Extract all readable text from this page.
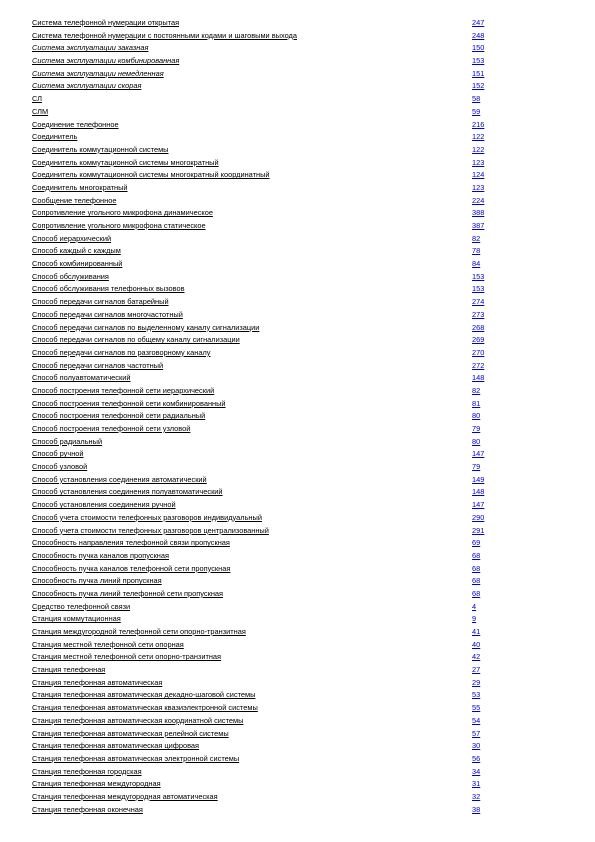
Система телефонной нумерации открытая	247
Система телефонной нумерации с постоянными кодами и шаговыми выхода	248
Система эксплуатации заказная	150
Система эксплуатации комбинированная	153
Система эксплуатации немедленная	151
Система эксплуатации скорая	152
СЛ	58
СЛМ	59
Соединение телефонное	216
Соединитель	122
Соединитель коммутационной системы	122
Соединитель коммутационной системы многократный	123
Соединитель коммутационной системы многократный координатный	124
Соединитель многократный	123
Сообщение телефонное	224
Сопротивление угольного микрофона динамическое	388
Сопротивление угольного микрофона статическое	387
Способ иерархический	82
Способ каждый с каждым	78
Способ комбинированный	84
Способ обслуживания	153
Способ обслуживания телефонных вызовов	153
Способ передачи сигналов батарейный	274
Способ передачи сигналов многочастотный	273
Способ передачи сигналов по выделенному каналу сигнализации	268
Способ передачи сигналов по общему каналу сигнализации	269
Способ передачи сигналов по разговорному каналу	270
Способ передачи сигналов частотный	272
Способ полуавтоматический	148
Способ построения телефонной сети иерархический	82
Способ построения телефонной сети комбинированный	81
Способ построения телефонной сети радиальный	80
Способ построения телефонной сети узловой	79
Способ радиальный	80
Способ ручной	147
Способ узловой	79
Способ установления соединения автоматический	149
Способ установления соединения полуавтоматический	148
Способ установления соединения ручной	147
Способ учета стоимости телефонных разговоров индивидуальный	290
Способ учета стоимости телефонных разговоров централизованный	291
Способность направления телефонной связи пропускная	69
Способность пучка каналов пропускная	68
Способность пучка каналов телефонной сети пропускная	68
Способность пучка линий пропускная	68
Способность пучка линий телефонной сети пропускная	68
Средство телефонной связи	4
Станция коммутационная	9
Станция междугородной телефонной сети опорно-транзитная	41
Станция местной телефонной сети опорная	40
Станция местной телефонной сети опорно-транзитная	42
Станция телефонная	27
Станция телефонная автоматическая	29
Станция телефонная автоматическая декадно-шаговой системы	53
Станция телефонная автоматическая квазиэлектронной системы	55
Станция телефонная автоматическая координатной системы	54
Станция телефонная автоматическая релейной системы	57
Станция телефонная автоматическая цифровая	30
Станция телефонная автоматическая электронной системы	56
Станция телефонная городская	34
Станция телефонная междугородная	31
Станция телефонная междугородная автоматическая	32
Станция телефонная оконечная	38
